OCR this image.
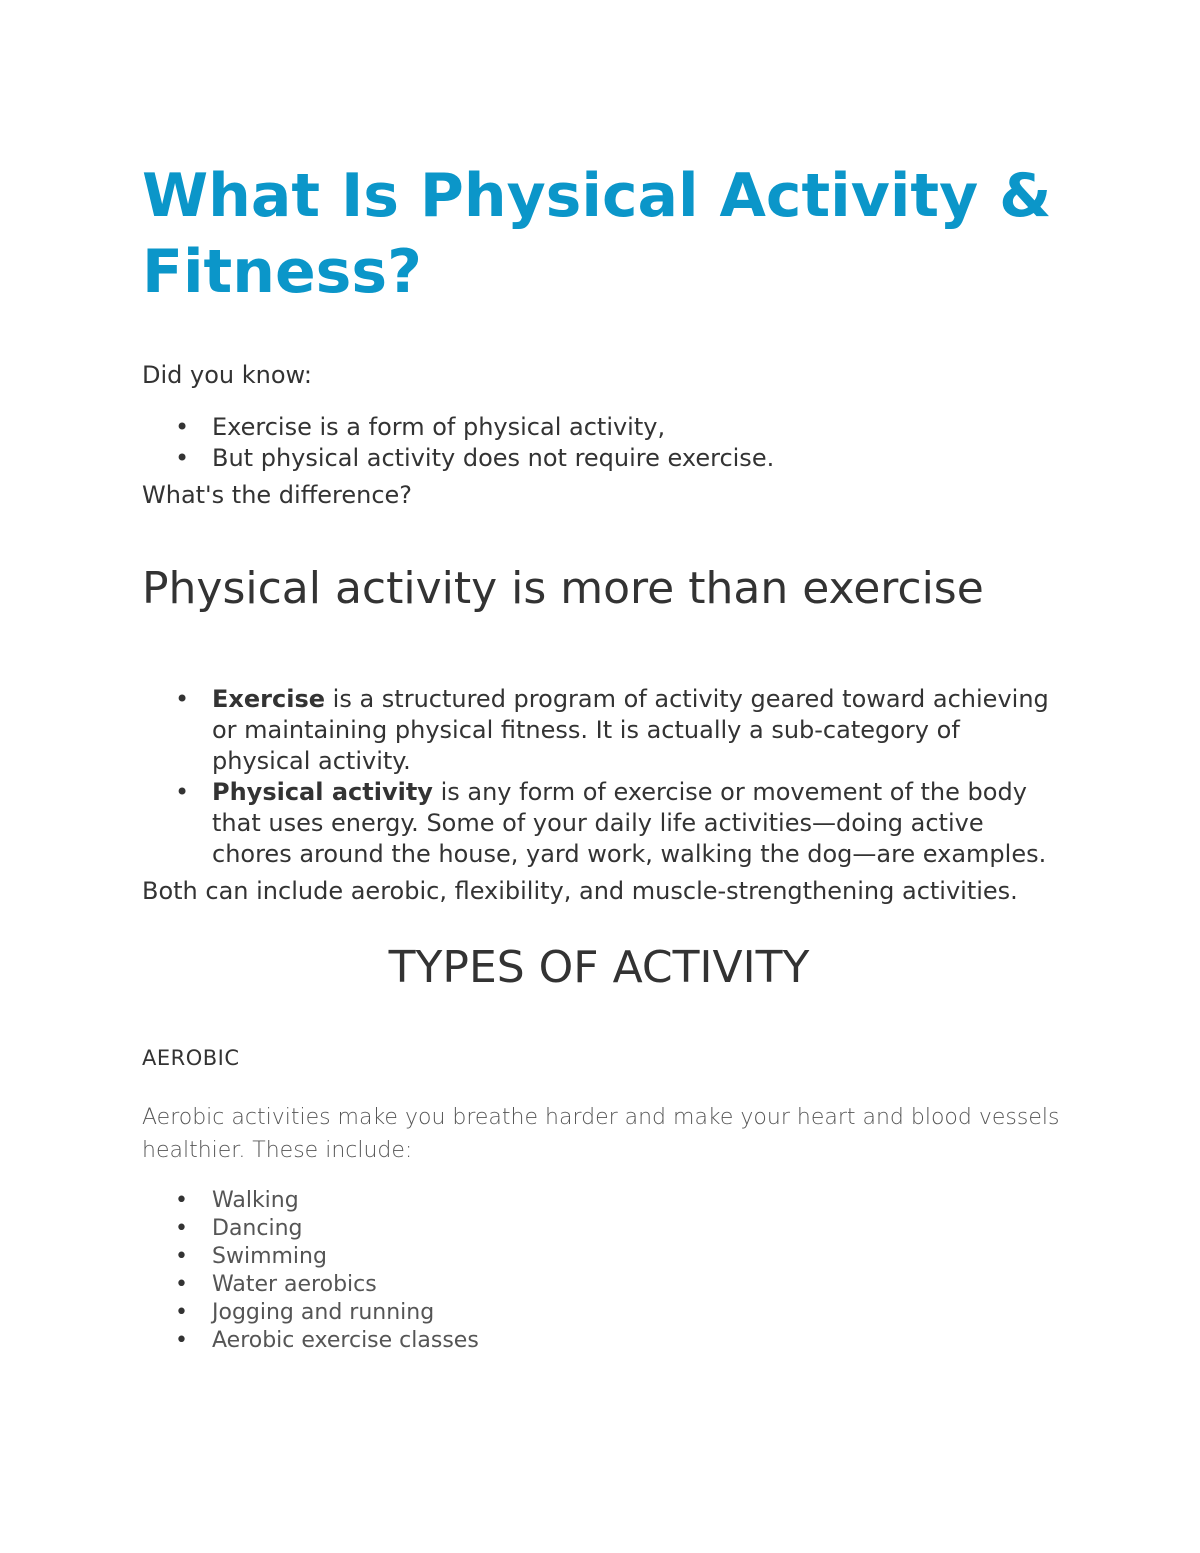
What Is Physical Activity & Fitness?

Did you know:

• Exercise is a form of physical activity,
• But physical activity does not require exercise.

What's the difference?

Physical activity is more than exercise
• Exercise is a structured program of activity geared toward achieving or maintaining physical fitness. It is actually a sub-category of physical activity.
• Physical activity is any form of exercise or movement of the body that uses energy. Some of your daily life activities—doing active chores around the house, yard work, walking the dog—are examples.

Both can include aerobic, flexibility, and muscle-strengthening activities.

TYPES OF ACTIVITY
AEROBIC

Aerobic activities make you breathe harder and make your heart and blood vessels healthier. These include:

• Walking
• Dancing
• Swimming
• Water aerobics
• Jogging and running
• Aerobic exercise classes
